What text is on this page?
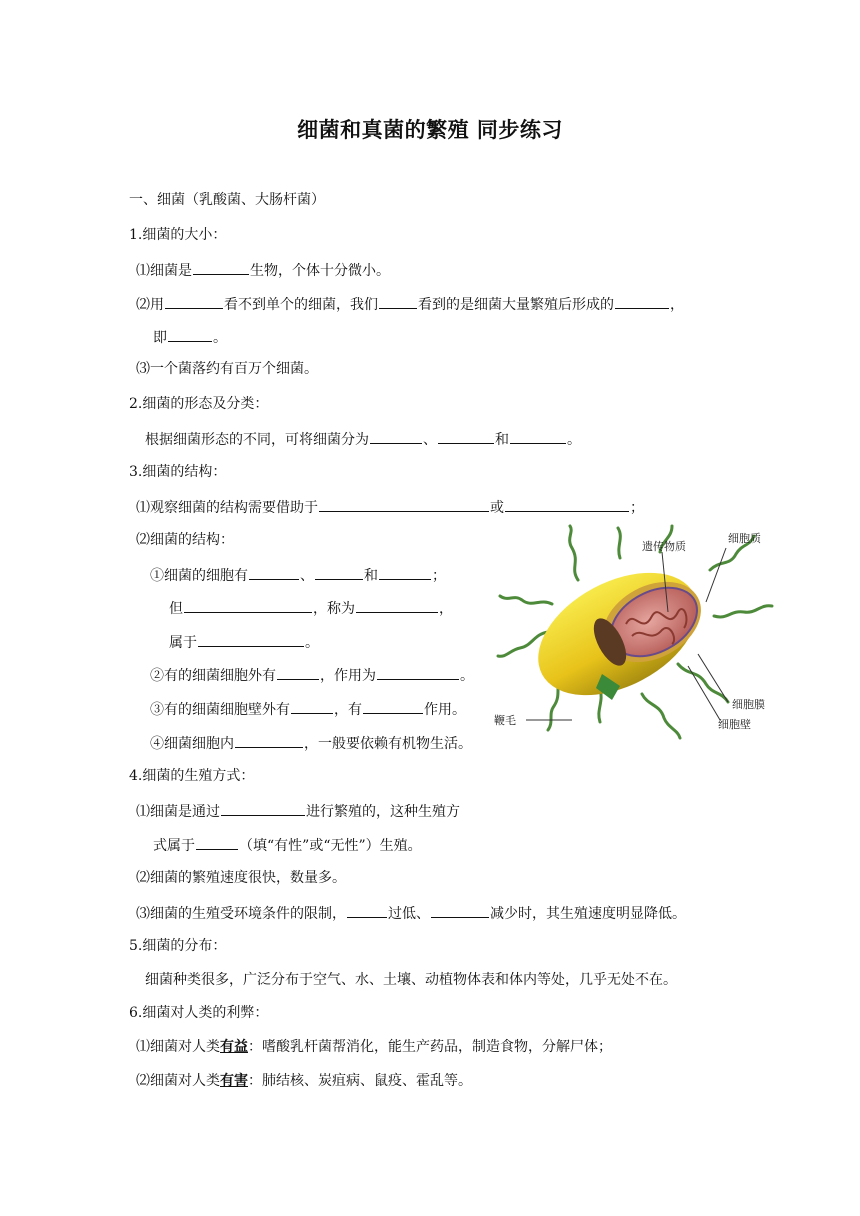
细菌和真菌的繁殖 同步练习
一、细菌（乳酸菌、大肠杆菌）
1.细菌的大小：
⑴细菌是	生物，个体十分微小。
⑵用	看不到单个的细菌，我们	看到的是细菌大量繁殖后形成的	，
即	。
⑶一个菌落约有百万个细菌。
2.细菌的形态及分类：
根据细菌形态的不同，可将细菌分为	、	和	。
3.细菌的结构：
⑴观察细菌的结构需要借助于	或	；
⑵细菌的结构：
①细菌的细胞有	、	和	；
但	，称为	，
属于	。
②有的细菌细胞外有	，作用为	。
③有的细菌细胞壁外有	，有	作用。
④细菌细胞内	，一般要依赖有机物生活。
遗传物质
细胞质
细胞膜
细胞壁
鞭毛
4.细菌的生殖方式：
⑴细菌是通过	进行繁殖的，这种生殖方
式属于	（填“有性”或“无性”）生殖。
⑵细菌的繁殖速度很快，数量多。
⑶细菌的生殖受环境条件的限制，	过低、	减少时，其生殖速度明显降低。
5.细菌的分布：
细菌种类很多，广泛分布于空气、水、土壤、动植物体表和体内等处，几乎无处不在。
6.细菌对人类的利弊：
⑴细菌对人类有益：嗜酸乳杆菌帮消化，能生产药品，制造食物，分解尸体；
⑵细菌对人类有害：肺结核、炭疽病、鼠疫、霍乱等。
